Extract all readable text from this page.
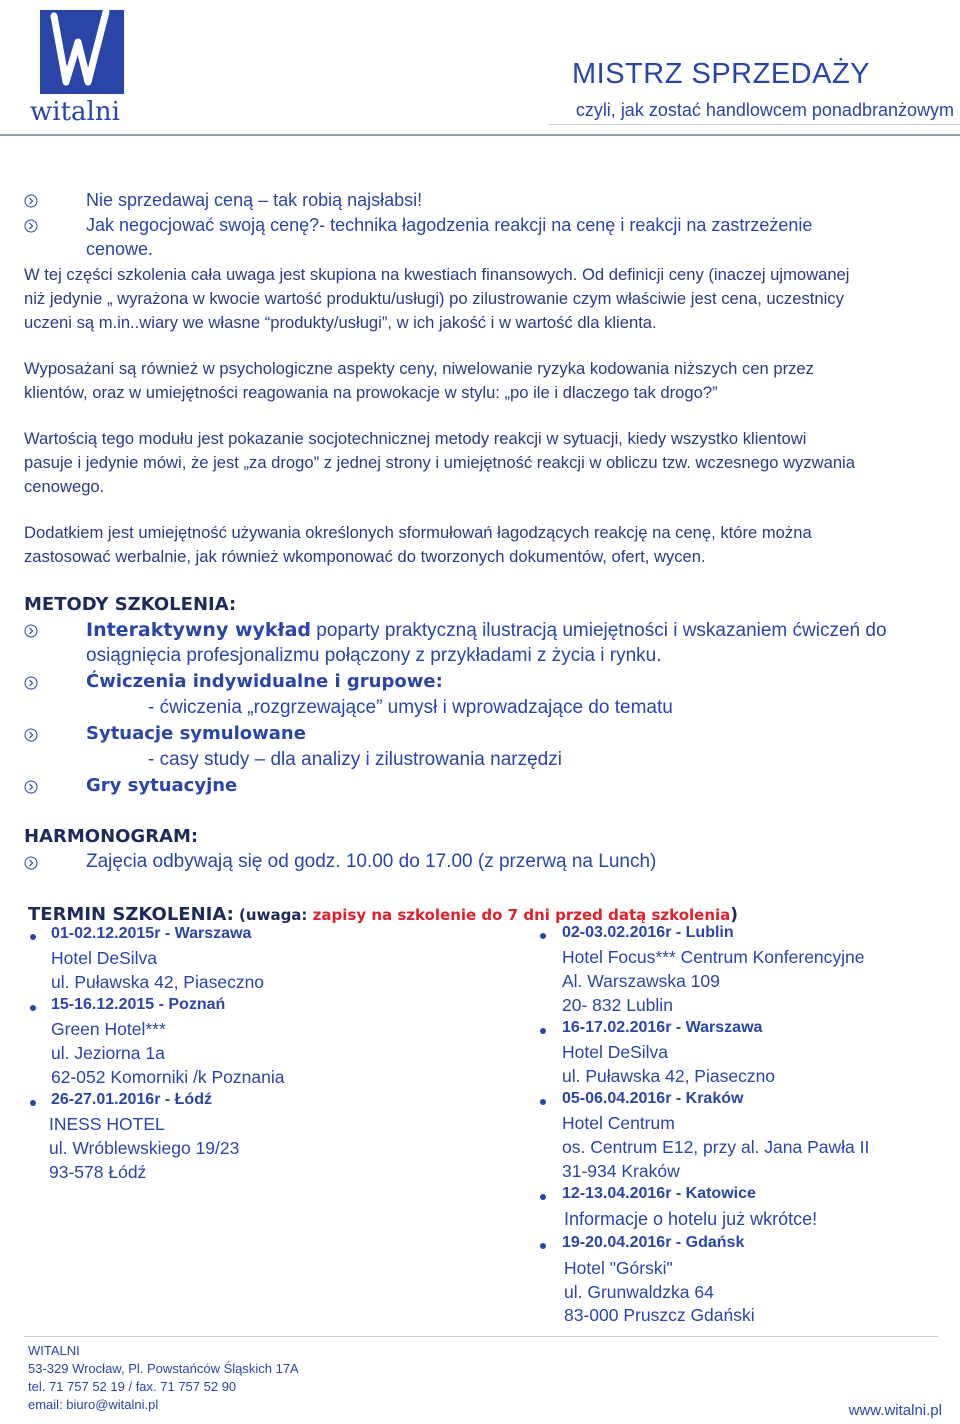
witalni
MISTRZ SPRZEDAŻY
czyli, jak zostać handlowcem ponadbranżowym
Nie sprzedawaj ceną – tak robią najsłabsi!
Jak negocjować swoją cenę?- technika łagodzenia reakcji na cenę i reakcji na zastrzeżenie
cenowe.
W tej części szkolenia cała uwaga jest skupiona na kwestiach finansowych. Od definicji ceny (inaczej ujmowanej
niż jedynie „ wyrażona w kwocie wartość produktu/usługi) po zilustrowanie czym właściwie jest cena, uczestnicy
uczeni są m.in..wiary we własne “produkty/usługi”, w ich jakość i w wartość dla klienta.
Wyposażani są również w psychologiczne aspekty ceny, niwelowanie ryzyka kodowania niższych cen przez
klientów, oraz w umiejętności reagowania na prowokacje w stylu: „po ile i dlaczego tak drogo?”
Wartością tego modułu jest pokazanie socjotechnicznej metody reakcji w sytuacji, kiedy wszystko klientowi
pasuje i jedynie mówi, że jest „za drogo” z jednej strony i umiejętność reakcji w obliczu tzw. wczesnego wyzwania
cenowego.
Dodatkiem jest umiejętność używania określonych sformułowań łagodzących reakcję na cenę, które można
zastosować werbalnie, jak również wkomponować do tworzonych dokumentów, ofert, wycen.
METODY SZKOLENIA:
Interaktywny wykład poparty praktyczną ilustracją umiejętności i wskazaniem ćwiczeń do
osiągnięcia profesjonalizmu połączony z przykładami z życia i rynku.
Ćwiczenia indywidualne i grupowe:
- ćwiczenia „rozgrzewające” umysł i wprowadzające do tematu
Sytuacje symulowane
- casy study – dla analizy i zilustrowania narzędzi
Gry sytuacyjne
HARMONOGRAM:
Zajęcia odbywają się od godz. 10.00 do 17.00 (z przerwą na Lunch)
TERMIN SZKOLENIA: (uwaga: zapisy na szkolenie do 7 dni przed datą szkolenia)
01-02.12.2015r - Warszawa
Hotel DeSilva
ul. Puławska 42, Piaseczno
15-16.12.2015 - Poznań
Green Hotel***
ul. Jeziorna 1a
62-052 Komorniki /k Poznania
26-27.01.2016r - Łódź
INESS HOTEL
ul. Wróblewskiego 19/23
93-578 Łódź
02-03.02.2016r - Lublin
Hotel Focus*** Centrum Konferencyjne
Al. Warszawska 109
20- 832 Lublin
16-17.02.2016r - Warszawa
Hotel DeSilva
ul. Puławska 42, Piaseczno
05-06.04.2016r - Kraków
Hotel Centrum
os. Centrum E12, przy al. Jana Pawła II
31-934 Kraków
12-13.04.2016r - Katowice
Informacje o hotelu już wkrótce!
19-20.04.2016r - Gdańsk
Hotel "Górski"
ul. Grunwaldzka 64
83-000 Pruszcz Gdański
WITALNI
53-329 Wrocław, Pl. Powstańców Śląskich 17A
tel. 71 757 52 19 / fax. 71 757 52 90
email: biuro@witalni.pl	www.witalni.pl
